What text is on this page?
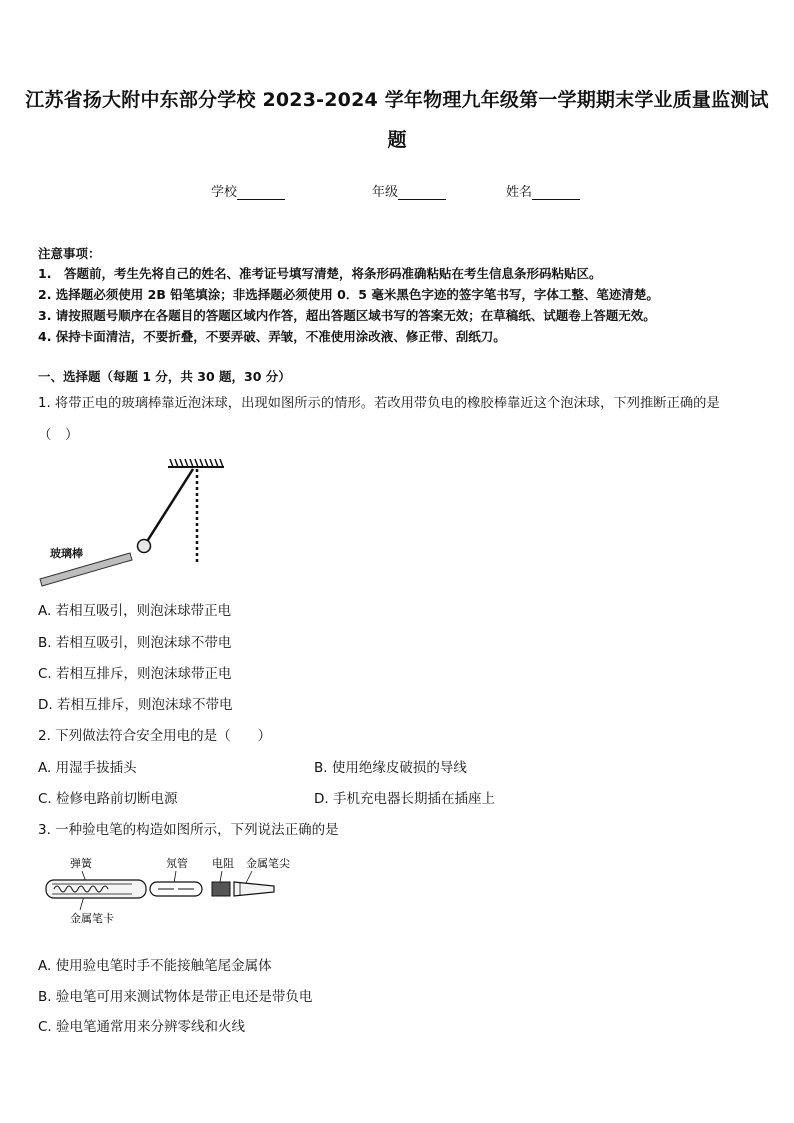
江苏省扬大附中东部分学校 2023-2024 学年物理九年级第一学期期末学业质量监测试
题
学校	年级	姓名
注意事项：
1.　答题前，考生先将自己的姓名、准考证号填写清楚，将条形码准确粘贴在考生信息条形码粘贴区。
2. 选择题必须使用 2B 铅笔填涂；非选择题必须使用 0．5 毫米黑色字迹的签字笔书写，字体工整、笔迹清楚。
3. 请按照题号顺序在各题目的答题区域内作答，超出答题区域书写的答案无效；在草稿纸、试题卷上答题无效。
4. 保持卡面清洁，不要折叠，不要弄破、弄皱，不准使用涂改液、修正带、刮纸刀。
一、选择题（每题 1 分，共 30 题，30 分）
1. 将带正电的玻璃棒靠近泡沫球，出现如图所示的情形。若改用带负电的橡胶棒靠近这个泡沫球，下列推断正确的是
（　）
玻璃棒
A. 若相互吸引，则泡沫球带正电
B. 若相互吸引，则泡沫球不带电
C. 若相互排斥，则泡沫球带正电
D. 若相互排斥，则泡沫球不带电
2. 下列做法符合安全用电的是（　　）
A. 用湿手拔插头	B. 使用绝缘皮破损的导线
C. 检修电路前切断电源	D. 手机充电器长期插在插座上
3. 一种验电笔的构造如图所示，下列说法正确的是
弹簧	氖管 电阻 金属笔尖
金属笔卡
A. 使用验电笔时手不能接触笔尾金属体
B. 验电笔可用来测试物体是带正电还是带负电
C. 验电笔通常用来分辨零线和火线
